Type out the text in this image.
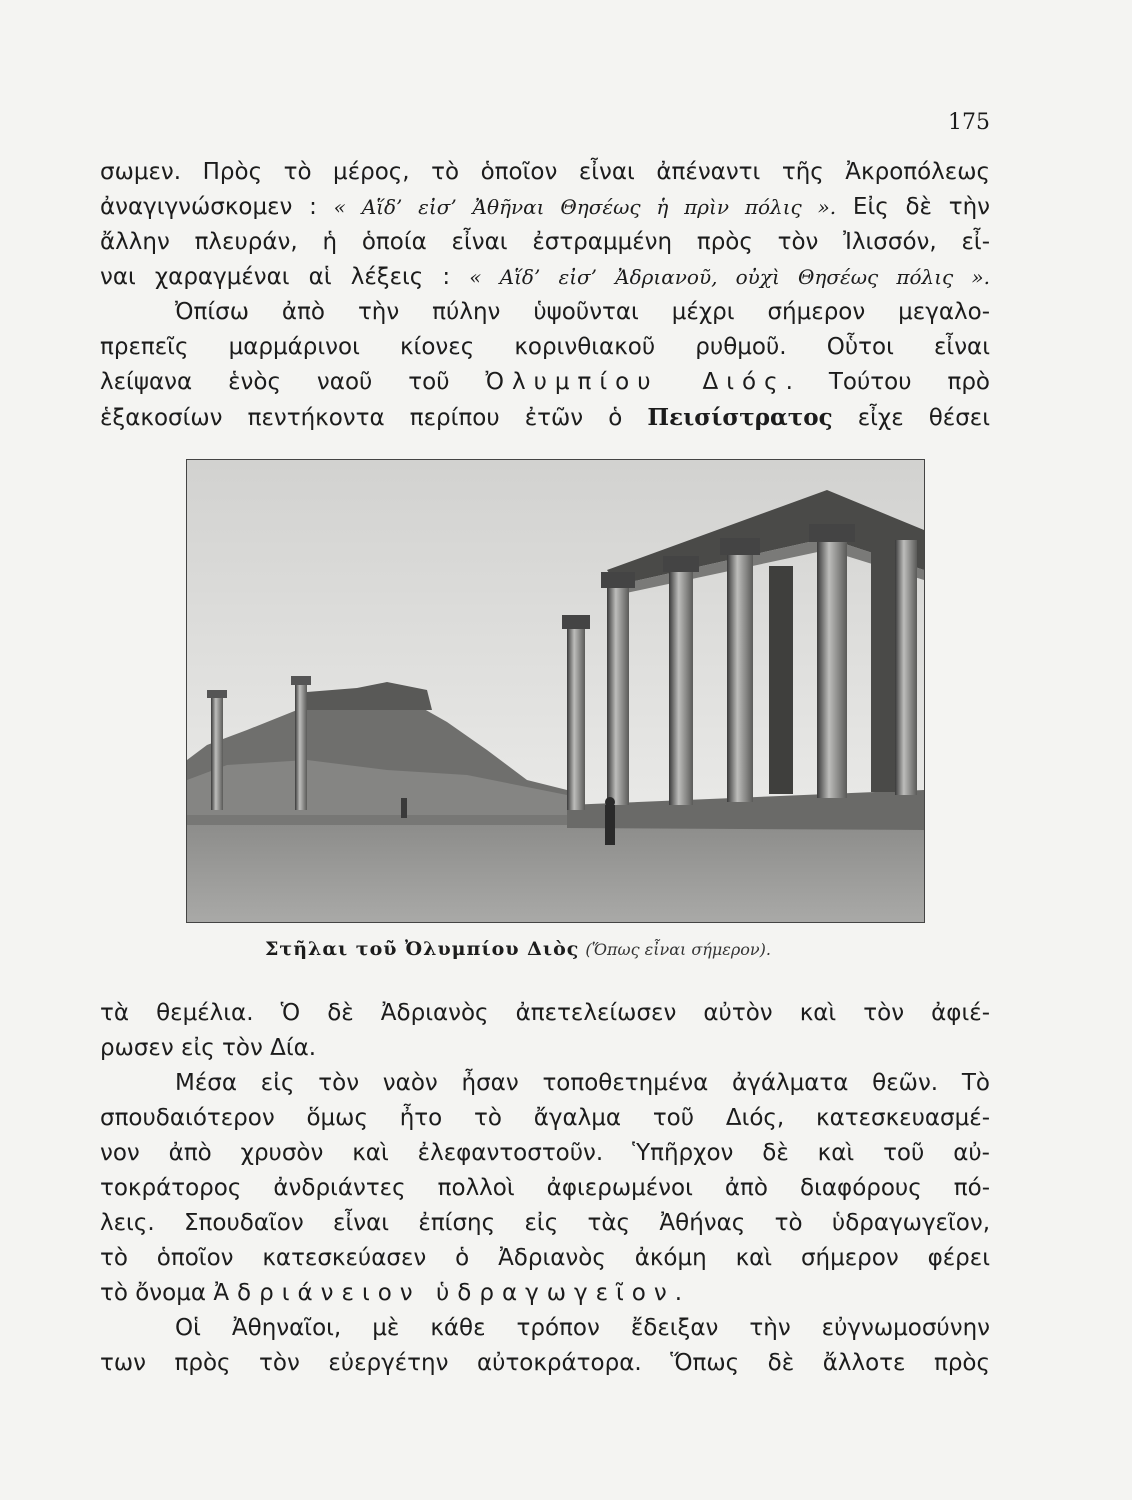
175
σωμεν. Πρὸς τὸ μέρος, τὸ ὁποῖον εἶναι ἀπέναντι τῆς Ἀκροπόλεως
ἀναγιγνώσκομεν : « Αἵδ’ εἰσ’ Ἀθῆναι Θησέως ἡ πρὶν πόλις ». Εἰς δὲ τὴν
ἄλλην πλευράν, ἡ ὁποία εἶναι ἐστραμμένη πρὸς τὸν Ἰλισσόν, εἶ-
ναι χαραγμέναι αἱ λέξεις : « Αἵδ’ εἰσ’ Ἀδριανοῦ, οὐχὶ Θησέως πόλις ».
Ὀπίσω ἀπὸ τὴν πύλην ὑψοῦνται μέχρι σήμερον μεγαλο-
πρεπεῖς μαρμάρινοι κίονες κορινθιακοῦ ρυθμοῦ. Οὗτοι εἶναι
λείψανα ἑνὸς ναοῦ τοῦ Ὀλυμπίου Διός. Τούτου πρὸ
ἑξακοσίων πεντήκοντα περίπου ἐτῶν ὁ Πεισίστρατος εἶχε θέσει
Στῆλαι τοῦ Ὀλυμπίου Διὸς (Ὅπως εἶναι σήμερον).
τὰ θεμέλια. Ὁ δὲ Ἀδριανὸς ἀπετελείωσεν αὐτὸν καὶ τὸν ἀφιέ-
ρωσεν εἰς τὸν Δία.
Μέσα εἰς τὸν ναὸν ἦσαν τοποθετημένα ἀγάλματα θεῶν. Τὸ
σπουδαιότερον ὅμως ἦτο τὸ ἄγαλμα τοῦ Διός, κατεσκευασμέ-
νον ἀπὸ χρυσὸν καὶ ἐλεφαντοστοῦν. Ὑπῆρχον δὲ καὶ τοῦ αὐ-
τοκράτορος ἀνδριάντες πολλοὶ ἀφιερωμένοι ἀπὸ διαφόρους πό-
λεις. Σπουδαῖον εἶναι ἐπίσης εἰς τὰς Ἀθήνας τὸ ὑδραγωγεῖον,
τὸ ὁποῖον κατεσκεύασεν ὁ Ἀδριανὸς ἀκόμη καὶ σήμερον φέρει
τὸ ὄνομα Ἀδριάνειον ὑδραγωγεῖον.
Οἱ Ἀθηναῖοι, μὲ κάθε τρόπον ἔδειξαν τὴν εὐγνωμοσύνην
των πρὸς τὸν εὐεργέτην αὐτοκράτορα. Ὅπως δὲ ἄλλοτε πρὸς
